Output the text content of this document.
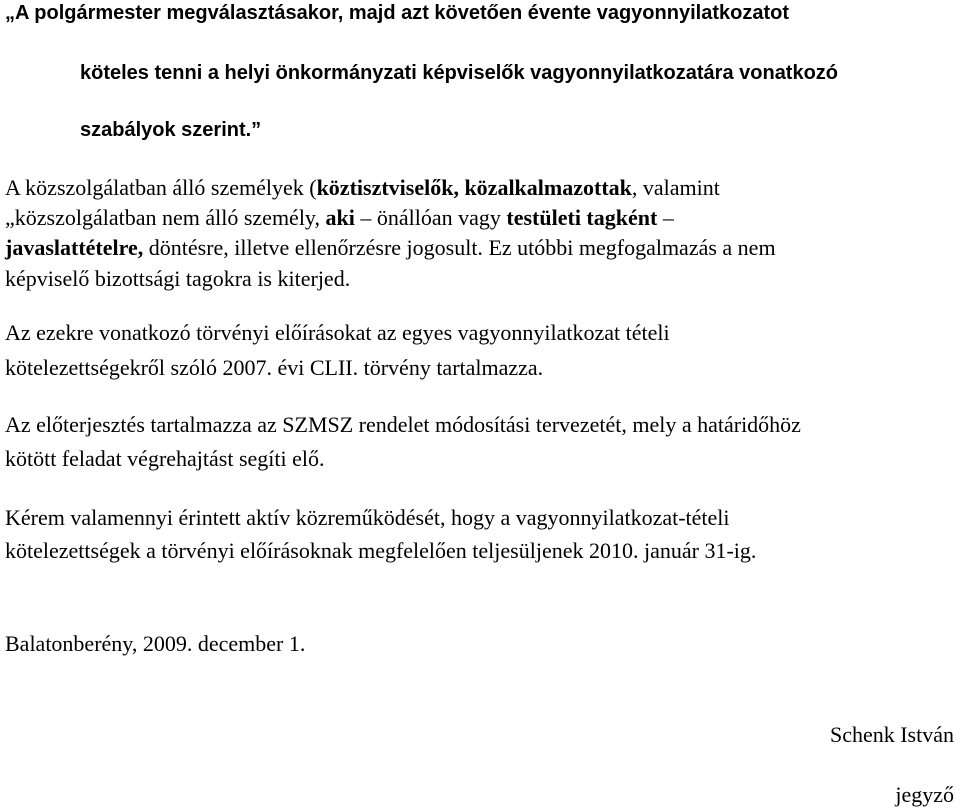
„A polgármester megválasztásakor, majd azt követően évente vagyonnyilatkozatot
köteles tenni a helyi önkormányzati képviselők vagyonnyilatkozatára vonatkozó
szabályok szerint.”
A közszolgálatban álló személyek (köztisztviselők, közalkalmazottak, valamint
„közszolgálatban nem álló személy, aki – önállóan vagy testületi tagként –
javaslattételre, döntésre, illetve ellenőrzésre jogosult. Ez utóbbi megfogalmazás a nem
képviselő bizottsági tagokra is kiterjed.
Az ezekre vonatkozó törvényi előírásokat az egyes vagyonnyilatkozat tételi
kötelezettségekről szóló 2007. évi CLII. törvény tartalmazza.
Az előterjesztés tartalmazza az SZMSZ rendelet módosítási tervezetét, mely a határidőhöz
kötött feladat végrehajtást segíti elő.
Kérem valamennyi érintett aktív közreműködését, hogy a vagyonnyilatkozat-tételi
kötelezettségek a törvényi előírásoknak megfelelően teljesüljenek 2010. január 31-ig.
Balatonberény, 2009. december 1.
Schenk István
jegyző
